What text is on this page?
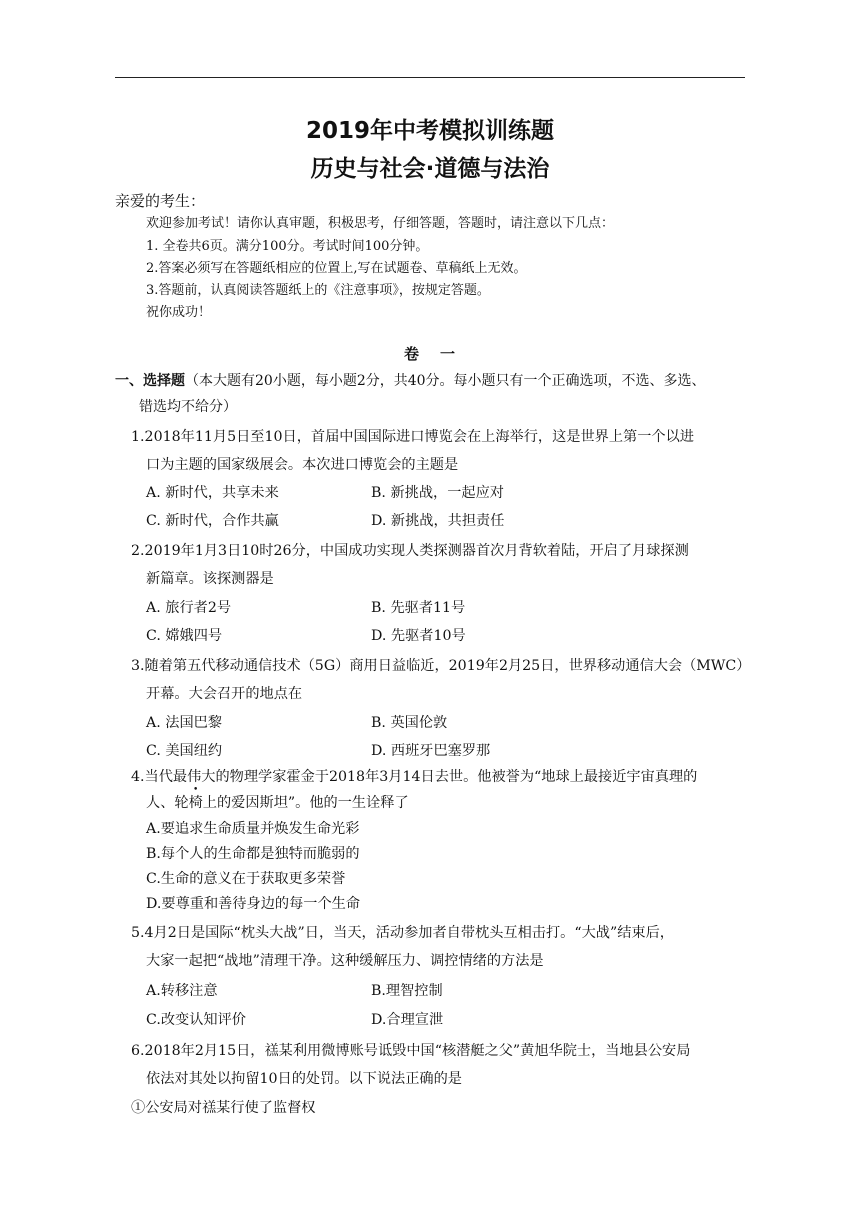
2019年中考模拟训练题
历史与社会·道德与法治
亲爱的考生：
欢迎参加考试！请你认真审题，积极思考，仔细答题，答题时，请注意以下几点：
1. 全卷共6页。满分100分。考试时间100分钟。
2.答案必须写在答题纸相应的位置上,写在试题卷、草稿纸上无效。
3.答题前，认真阅读答题纸上的《注意事项》，按规定答题。
祝你成功！
卷 一
一、选择题（本大题有20小题，每小题2分，共40分。每小题只有一个正确选项，不选、多选、
错选均不给分）
1.2018年11月5日至10日，首届中国国际进口博览会在上海举行，这是世界上第一个以进
口为主题的国家级展会。本次进口博览会的主题是
A. 新时代，共享未来	B. 新挑战，一起应对
C. 新时代，合作共赢	D. 新挑战，共担责任
2.2019年1月3日10时26分，中国成功实现人类探测器首次月背软着陆，开启了月球探测
新篇章。该探测器是
A. 旅行者2号	B. 先驱者11号
C. 嫦娥四号	D. 先驱者10号
3.随着第五代移动通信技术（5G）商用日益临近，2019年2月25日，世界移动通信大会（MWC）
开幕。大会召开的地点在
A. 法国巴黎	B. 英国伦敦
C. 美国纽约	D. 西班牙巴塞罗那
4.当代最伟大的物理学家霍金于2018年3月14日去世。他被誉为“地球上最接近宇宙真理的
人、轮椅上的爱因斯坦”。他的一生诠释了
A.要追求生命质量并焕发生命光彩
B.每个人的生命都是独特而脆弱的
C.生命的意义在于获取更多荣誉
D.要尊重和善待身边的每一个生命
5.4月2日是国际“枕头大战”日，当天，活动参加者自带枕头互相击打。“大战”结束后，
大家一起把“战地”清理干净。这种缓解压力、调控情绪的方法是
A.转移注意	B.理智控制
C.改变认知评价	D.合理宣泄
6.2018年2月15日，禚某利用微博账号诋毁中国“核潜艇之父”黄旭华院士，当地县公安局
依法对其处以拘留10日的处罚。以下说法正确的是
①公安局对禚某行使了监督权
